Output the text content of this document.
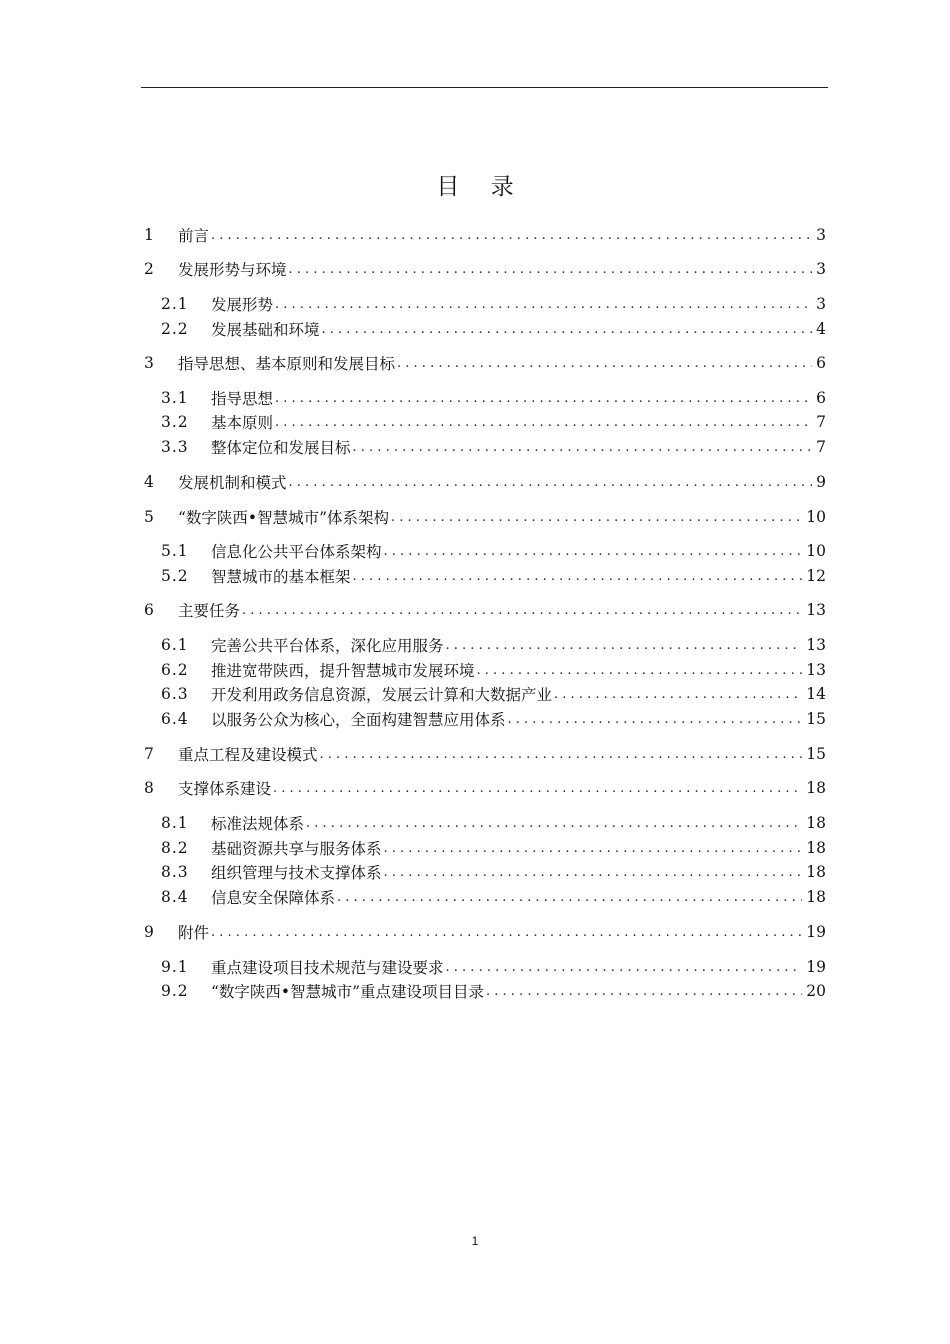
目 录
1	前言 . . .	3
2	发展形势与环境 . . .	3
2.1	发展形势 . . .	3
2.2	发展基础和环境 . . .	4
3	指导思想、基本原则和发展目标 . . .	6
3.1	指导思想 . . .	6
3.2	基本原则 . . .	7
3.3	整体定位和发展目标 . . .	7
4	发展机制和模式 . . .	9
5	“数字陕西•智慧城市”体系架构 . . .	10
5.1	信息化公共平台体系架构 . . .	10
5.2	智慧城市的基本框架 . . .	12
6	主要任务 . . .	13
6.1	完善公共平台体系，深化应用服务 . . .	13
6.2	推进宽带陕西，提升智慧城市发展环境 . . .	13
6.3	开发利用政务信息资源，发展云计算和大数据产业 . . .	14
6.4	以服务公众为核心，全面构建智慧应用体系 . . .	15
7	重点工程及建设模式 . . .	15
8	支撑体系建设 . . .	18
8.1	标准法规体系 . . .	18
8.2	基础资源共享与服务体系 . . .	18
8.3	组织管理与技术支撑体系 . . .	18
8.4	信息安全保障体系 . . .	18
9	附件 . . .	19
9.1	重点建设项目技术规范与建设要求 . . .	19
9.2	“数字陕西•智慧城市”重点建设项目目录 . . .	20
1
